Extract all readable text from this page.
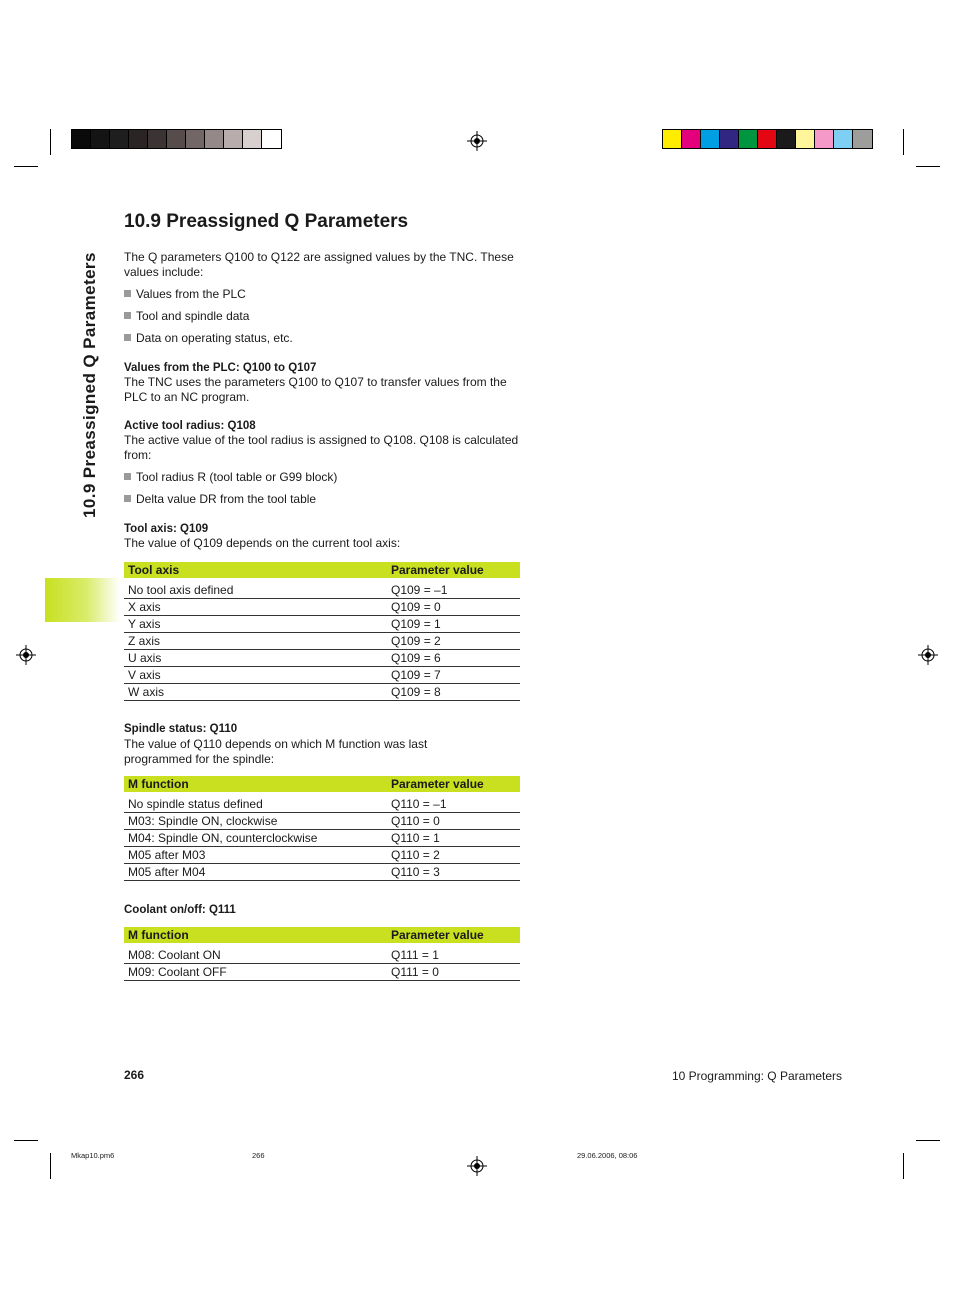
10.9 Preassigned Q Parameters
10.9 Preassigned Q Parameters

The Q parameters Q100 to Q122 are assigned values by the TNC. These values include:

Values from the PLC
Tool and spindle data
Data on operating status, etc.
Values from the PLC: Q100 to Q107

The TNC uses the parameters Q100 to Q107 to transfer values from the PLC to an NC program.

Active tool radius: Q108

The active value of the tool radius is assigned to Q108. Q108 is calculated from:

Tool radius R (tool table or G99 block)
Delta value DR from the tool table
Tool axis: Q109

The value of Q109 depends on the current tool axis:

Tool axis	Parameter value

No tool axis defined	Q109 = –1
X axis	Q109 = 0
Y axis	Q109 = 1
Z axis	Q109 = 2
U axis	Q109 = 6
V axis	Q109 = 7
W axis	Q109 = 8
Spindle status: Q110

The value of Q110 depends on which M function was last programmed for the spindle:

M function	Parameter value

No spindle status defined	Q110 = –1
M03: Spindle ON, clockwise	Q110 = 0
M04: Spindle ON, counterclockwise	Q110 = 1
M05 after M03	Q110 = 2
M05 after M04	Q110 = 3
Coolant on/off: Q111
M function	Parameter value

M08: Coolant ON	Q111 = 1
M09: Coolant OFF	Q111 = 0
266	10 Programming: Q Parameters
Mkap10.pm6	266	29.06.2006, 08:06
